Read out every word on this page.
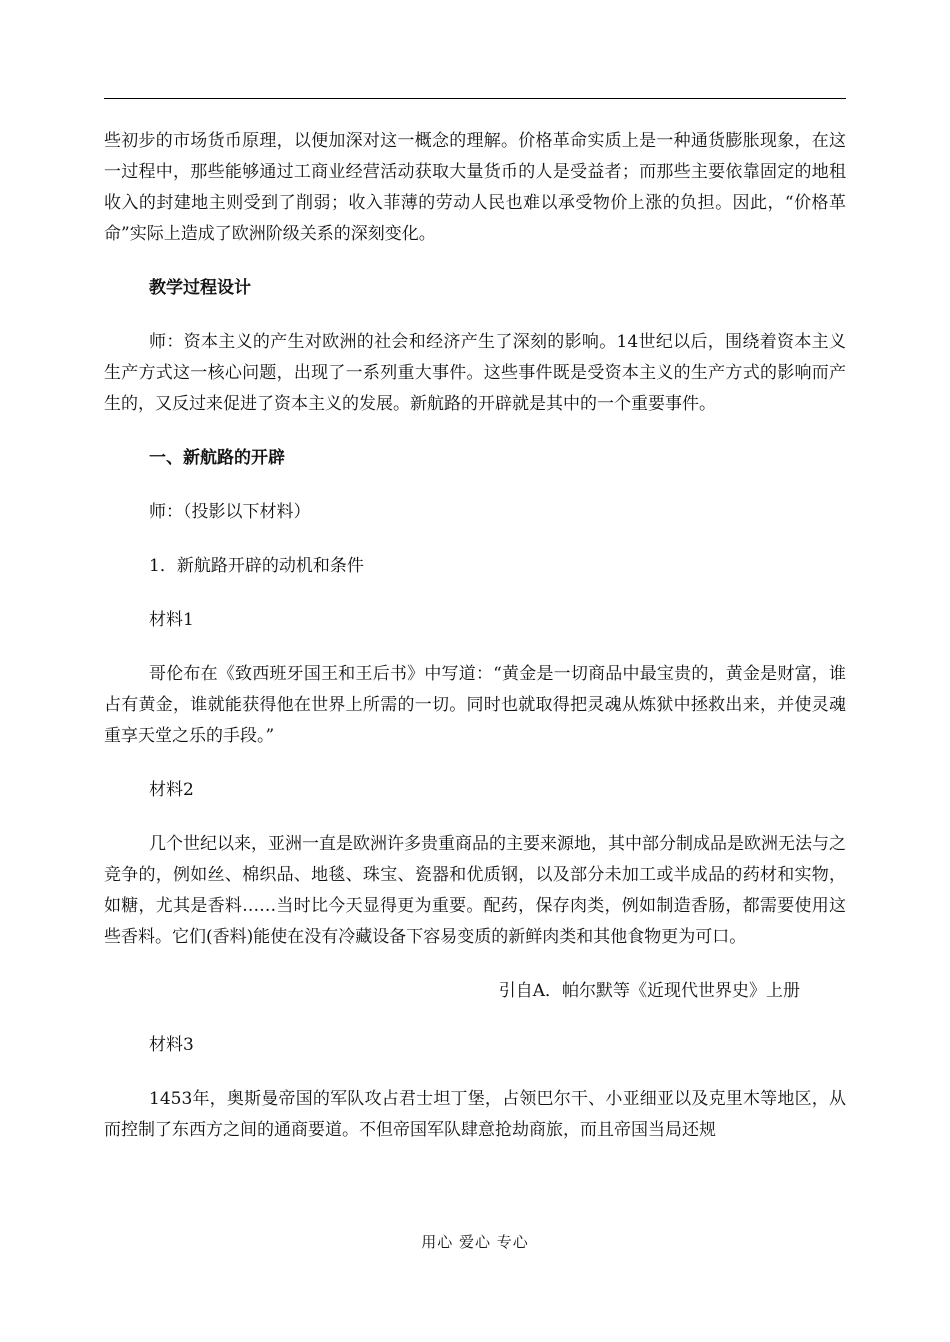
些初步的市场货币原理，以便加深对这一概念的理解。价格革命实质上是一种通货膨胀现象，在这一过程中，那些能够通过工商业经营活动获取大量货币的人是受益者；而那些主要依靠固定的地租收入的封建地主则受到了削弱；收入菲薄的劳动人民也难以承受物价上涨的负担。因此，“价格革命”实际上造成了欧洲阶级关系的深刻变化。

教学过程设计

师：资本主义的产生对欧洲的社会和经济产生了深刻的影响。14世纪以后，围绕着资本主义生产方式这一核心问题，出现了一系列重大事件。这些事件既是受资本主义的生产方式的影响而产生的，又反过来促进了资本主义的发展。新航路的开辟就是其中的一个重要事件。

一、新航路的开辟

师：（投影以下材料）

1．新航路开辟的动机和条件

材料1

哥伦布在《致西班牙国王和王后书》中写道：“黄金是一切商品中最宝贵的，黄金是财富，谁占有黄金，谁就能获得他在世界上所需的一切。同时也就取得把灵魂从炼狱中拯救出来，并使灵魂重享天堂之乐的手段。”

材料2

几个世纪以来，亚洲一直是欧洲许多贵重商品的主要来源地，其中部分制成品是欧洲无法与之竞争的，例如丝、棉织品、地毯、珠宝、瓷器和优质钢，以及部分未加工或半成品的药材和实物，如糖，尤其是香料……当时比今天显得更为重要。配药，保存肉类，例如制造香肠，都需要使用这些香料。它们(香料)能使在没有冷藏设备下容易变质的新鲜肉类和其他食物更为可口。

引自A．帕尔默等《近现代世界史》上册

材料3

1453年，奥斯曼帝国的军队攻占君士坦丁堡，占领巴尔干、小亚细亚以及克里木等地区，从而控制了东西方之间的通商要道。不但帝国军队肆意抢劫商旅，而且帝国当局还规

用心 爱心 专心
